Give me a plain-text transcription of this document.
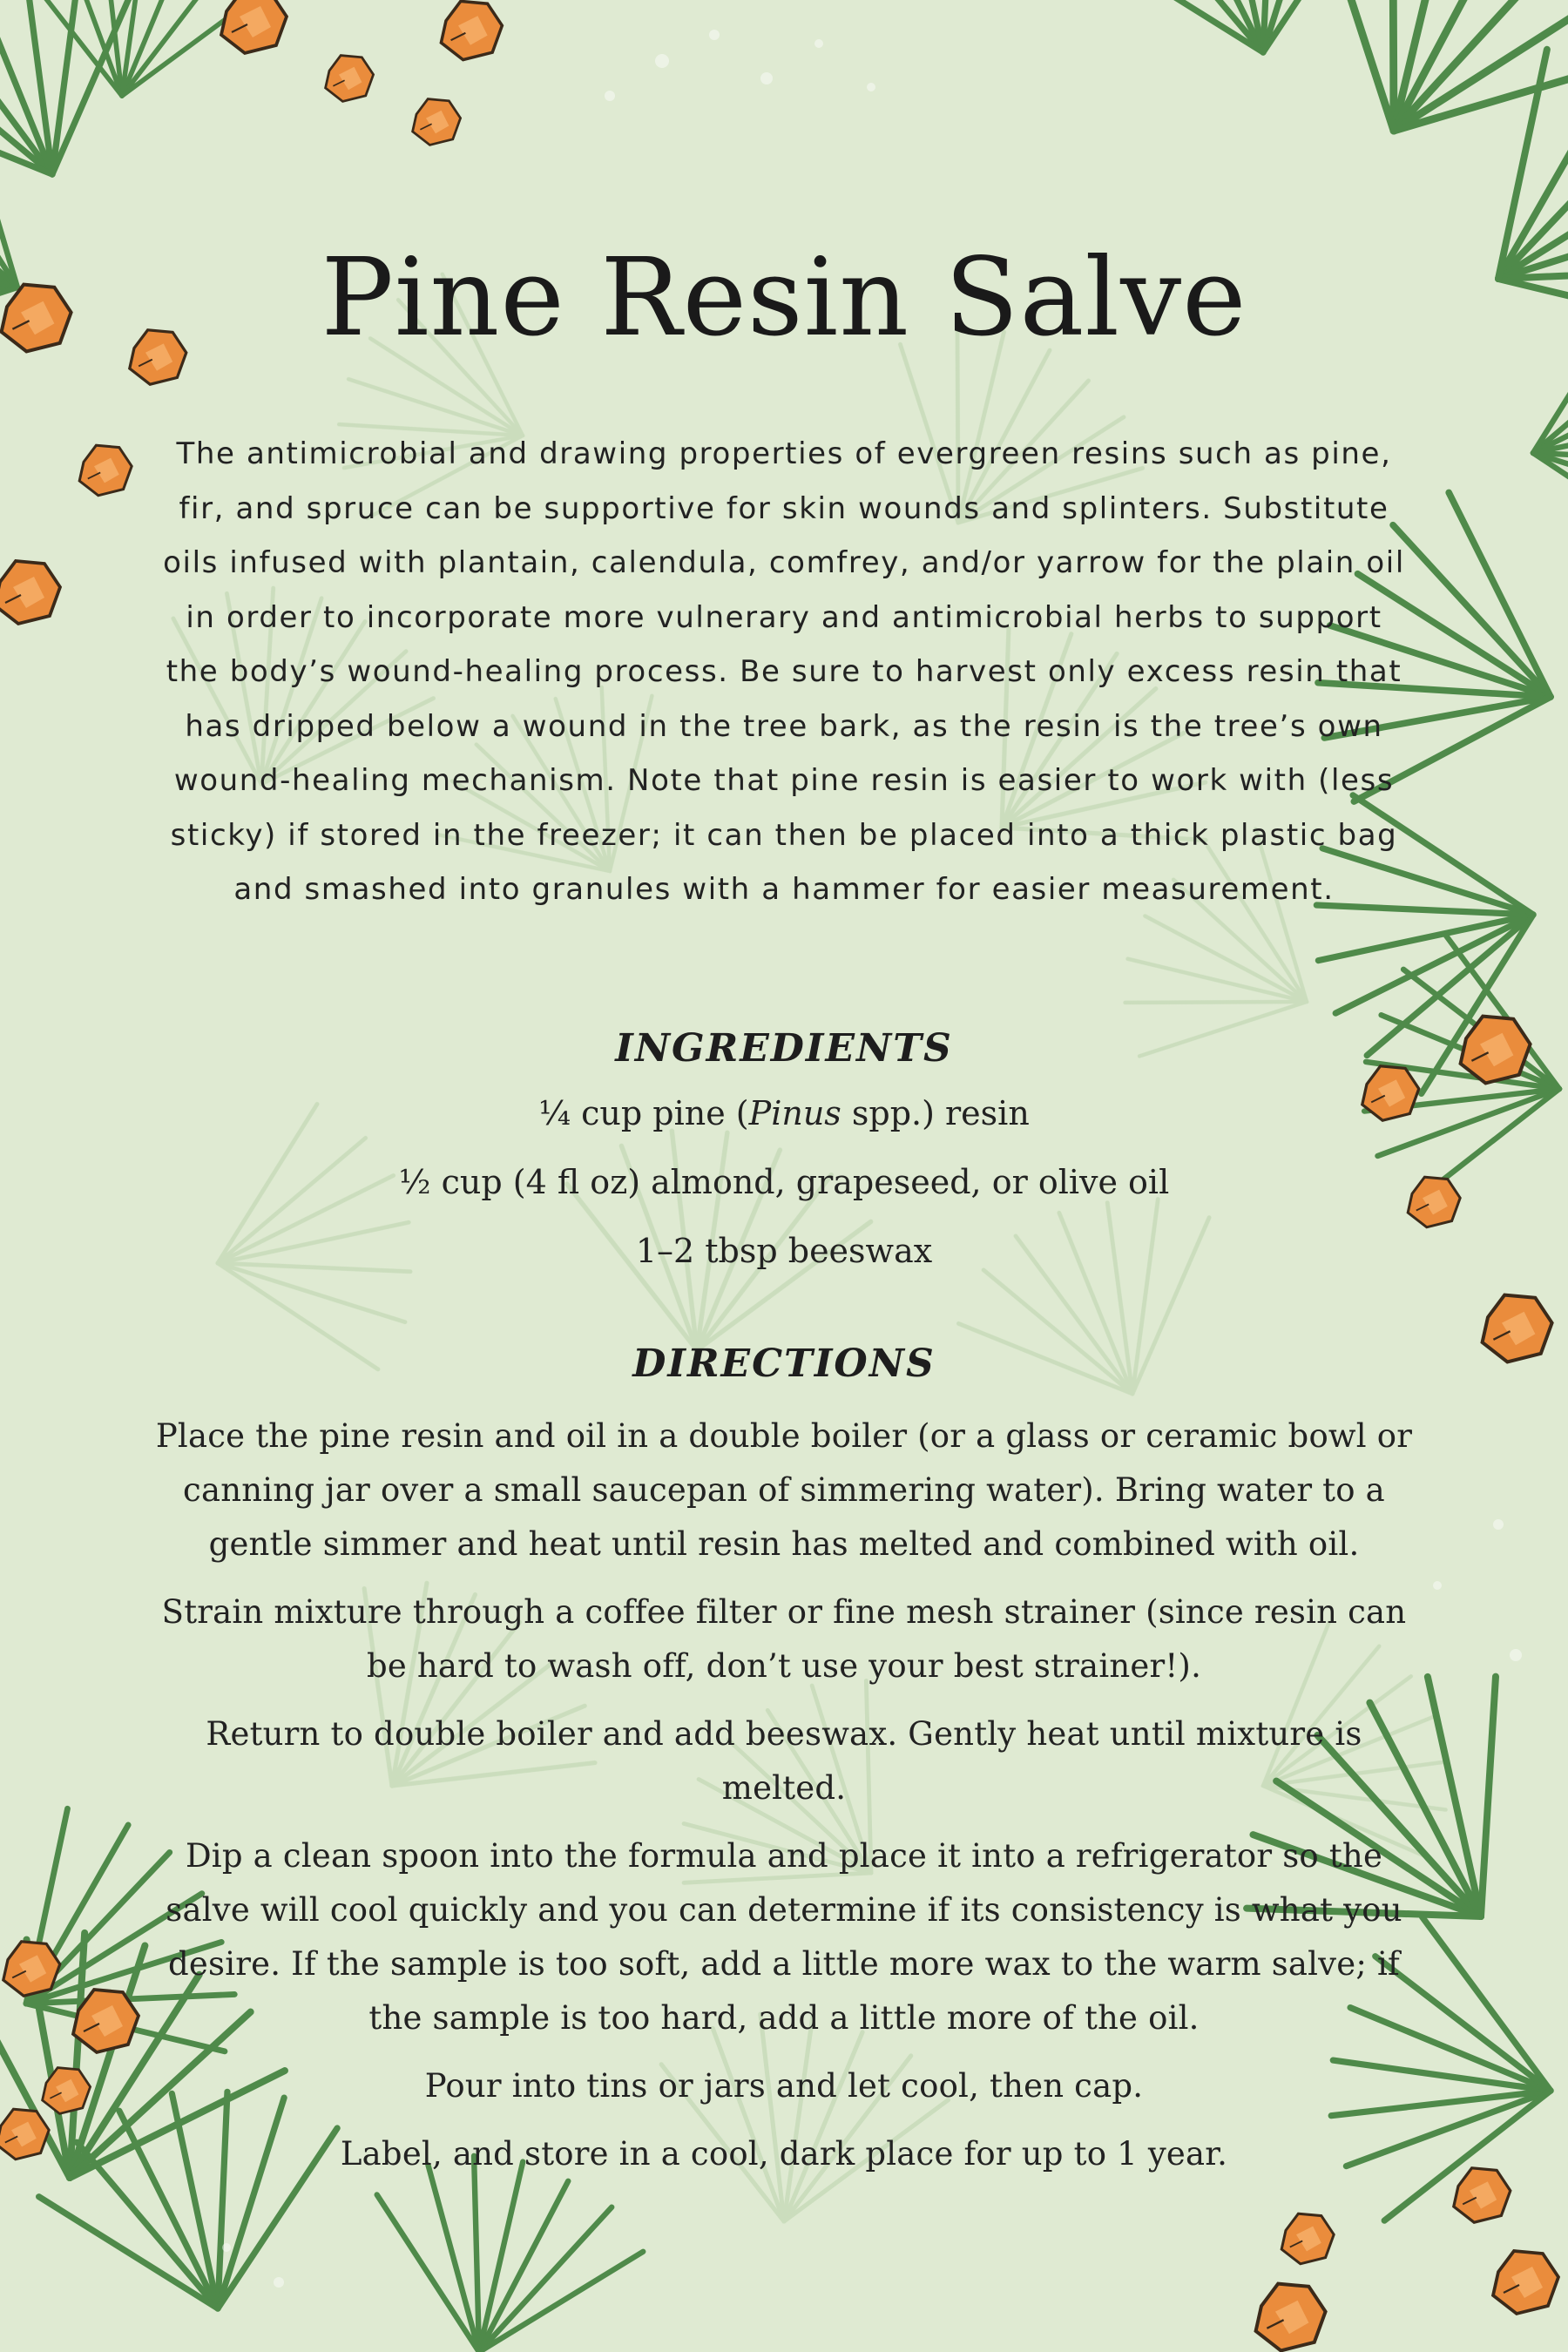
Pine Resin Salve

The antimicrobial and drawing properties of evergreen resins such as pine, fir, and spruce can be supportive for skin wounds and splinters. Substitute oils infused with plantain, calendula, comfrey, and/or yarrow for the plain oil in order to incorporate more vulnerary and antimicrobial herbs to support the body’s wound-healing process. Be sure to harvest only excess resin that has dripped below a wound in the tree bark, as the resin is the tree’s own wound-healing mechanism. Note that pine resin is easier to work with (less sticky) if stored in the freezer; it can then be placed into a thick plastic bag and smashed into granules with a hammer for easier measurement.

INGREDIENTS
¼ cup pine (Pinus spp.) resin
½ cup (4 fl oz) almond, grapeseed, or olive oil
1–2 tbsp beeswax
DIRECTIONS
Place the pine resin and oil in a double boiler (or a glass or ceramic bowl or canning jar over a small saucepan of simmering water). Bring water to a gentle simmer and heat until resin has melted and combined with oil.
Strain mixture through a coffee filter or fine mesh strainer (since resin can be hard to wash off, don’t use your best strainer!).
Return to double boiler and add beeswax. Gently heat until mixture is melted.
Dip a clean spoon into the formula and place it into a refrigerator so the salve will cool quickly and you can determine if its consistency is what you desire. If the sample is too soft, add a little more wax to the warm salve; if the sample is too hard, add a little more of the oil.
Pour into tins or jars and let cool, then cap.
Label, and store in a cool, dark place for up to 1 year.
